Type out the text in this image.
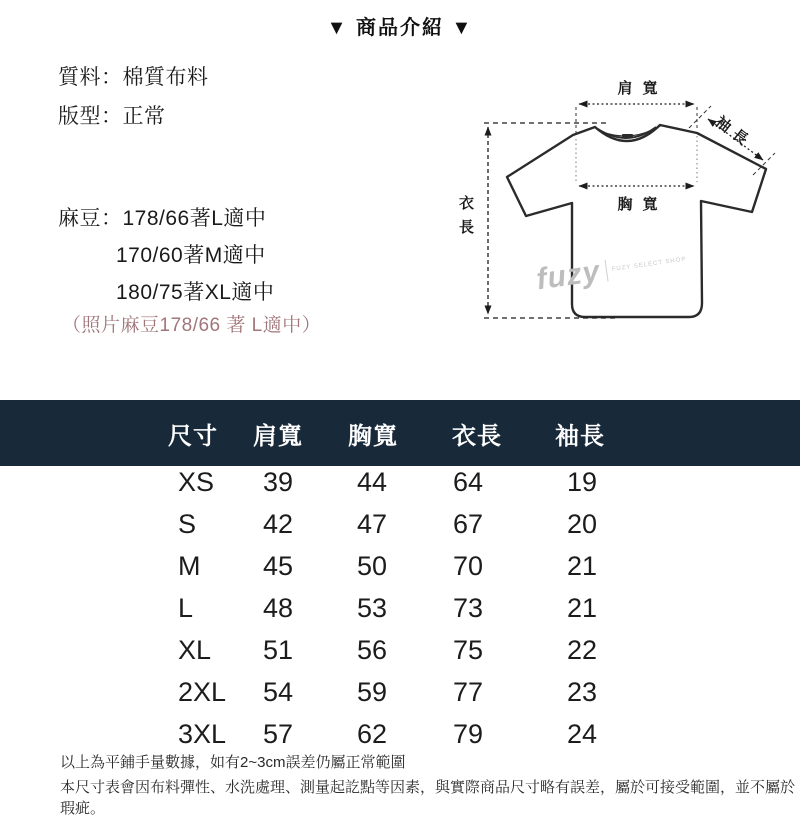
▼ 商品介紹 ▼
質料：棉質布料
版型：正常
麻豆：178/66著L適中
170/60著M適中
180/75著XL適中
（照片麻豆178/66 著 L適中）
肩寬
袖長
胸寬
衣長
fuzy FUZY SELECT SHOP
尺寸	肩寬	胸寬	衣長	袖長
XS	39	44	64	19
S	42	47	67	20
M	45	50	70	21
L	48	53	73	21
XL	51	56	75	22
2XL	54	59	77	23
3XL	57	62	79	24
以上為平鋪手量數據，如有2~3cm誤差仍屬正常範圍
本尺寸表會因布料彈性、水洗處理、測量起訖點等因素，與實際商品尺寸略有誤差，屬於可接受範圍，並不屬於瑕疵。
